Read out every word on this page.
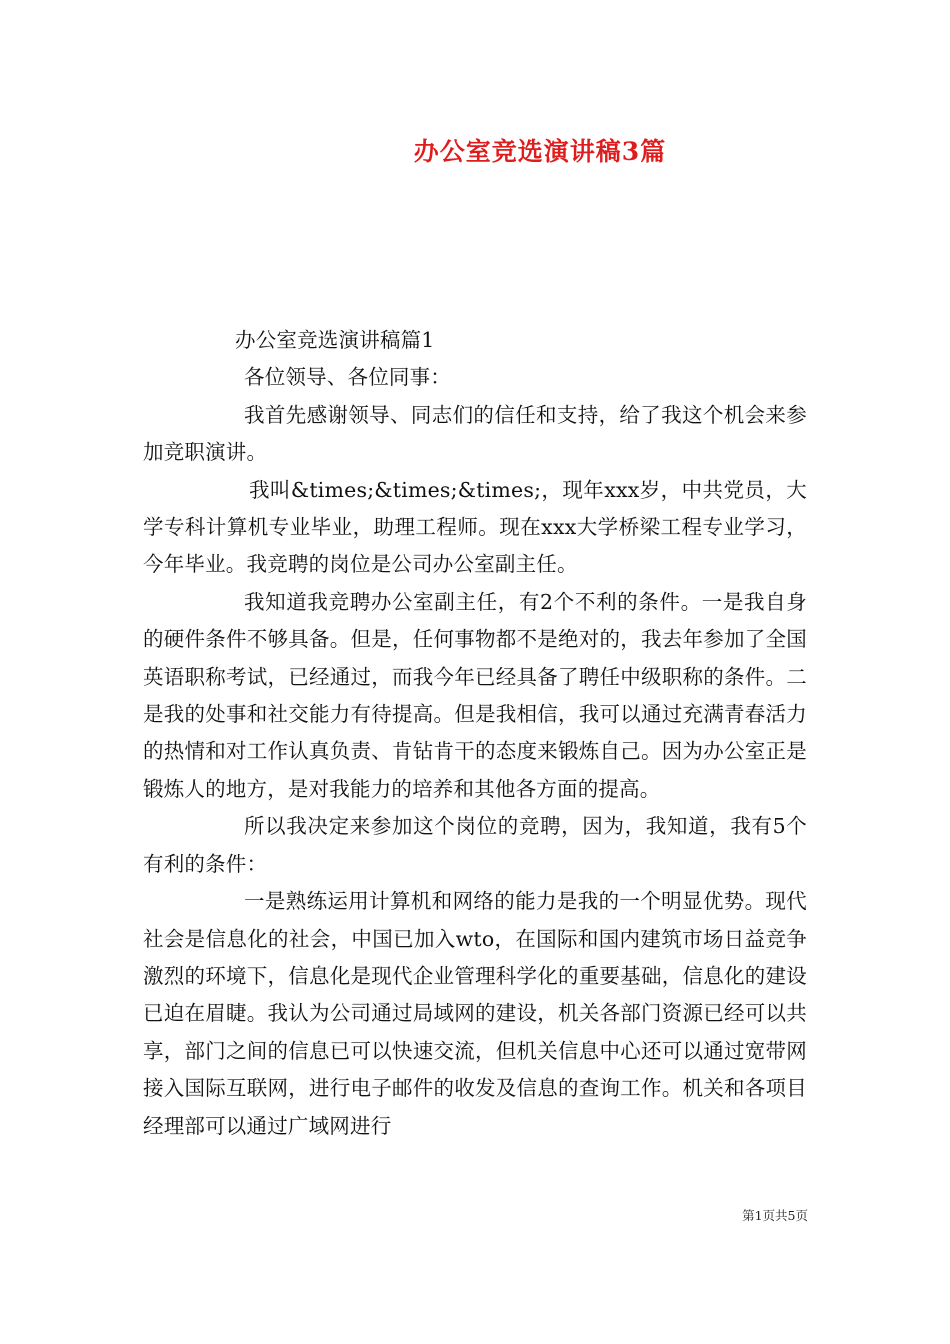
办公室竞选演讲稿3篇

办公室竞选演讲稿篇1

各位领导、各位同事：

我首先感谢领导、同志们的信任和支持，给了我这个机会来参加竞职演讲。

我叫&times;&times;&times;，现年xxx岁，中共党员，大学专科计算机专业毕业，助理工程师。现在xxx大学桥梁工程专业学习，今年毕业。我竞聘的岗位是公司办公室副主任。

我知道我竞聘办公室副主任，有2个不利的条件。一是我自身的硬件条件不够具备。但是，任何事物都不是绝对的，我去年参加了全国英语职称考试，已经通过，而我今年已经具备了聘任中级职称的条件。二是我的处事和社交能力有待提高。但是我相信，我可以通过充满青春活力的热情和对工作认真负责、肯钻肯干的态度来锻炼自己。因为办公室正是锻炼人的地方，是对我能力的培养和其他各方面的提高。

所以我决定来参加这个岗位的竞聘，因为，我知道，我有5个有利的条件：

一是熟练运用计算机和网络的能力是我的一个明显优势。现代社会是信息化的社会，中国已加入wto，在国际和国内建筑市场日益竞争激烈的环境下，信息化是现代企业管理科学化的重要基础，信息化的建设已迫在眉睫。我认为公司通过局域网的建设，机关各部门资源已经可以共享，部门之间的信息已可以快速交流，但机关信息中心还可以通过宽带网接入国际互联网，进行电子邮件的收发及信息的查询工作。机关和各项目经理部可以通过广域网进行

第1页共5页
